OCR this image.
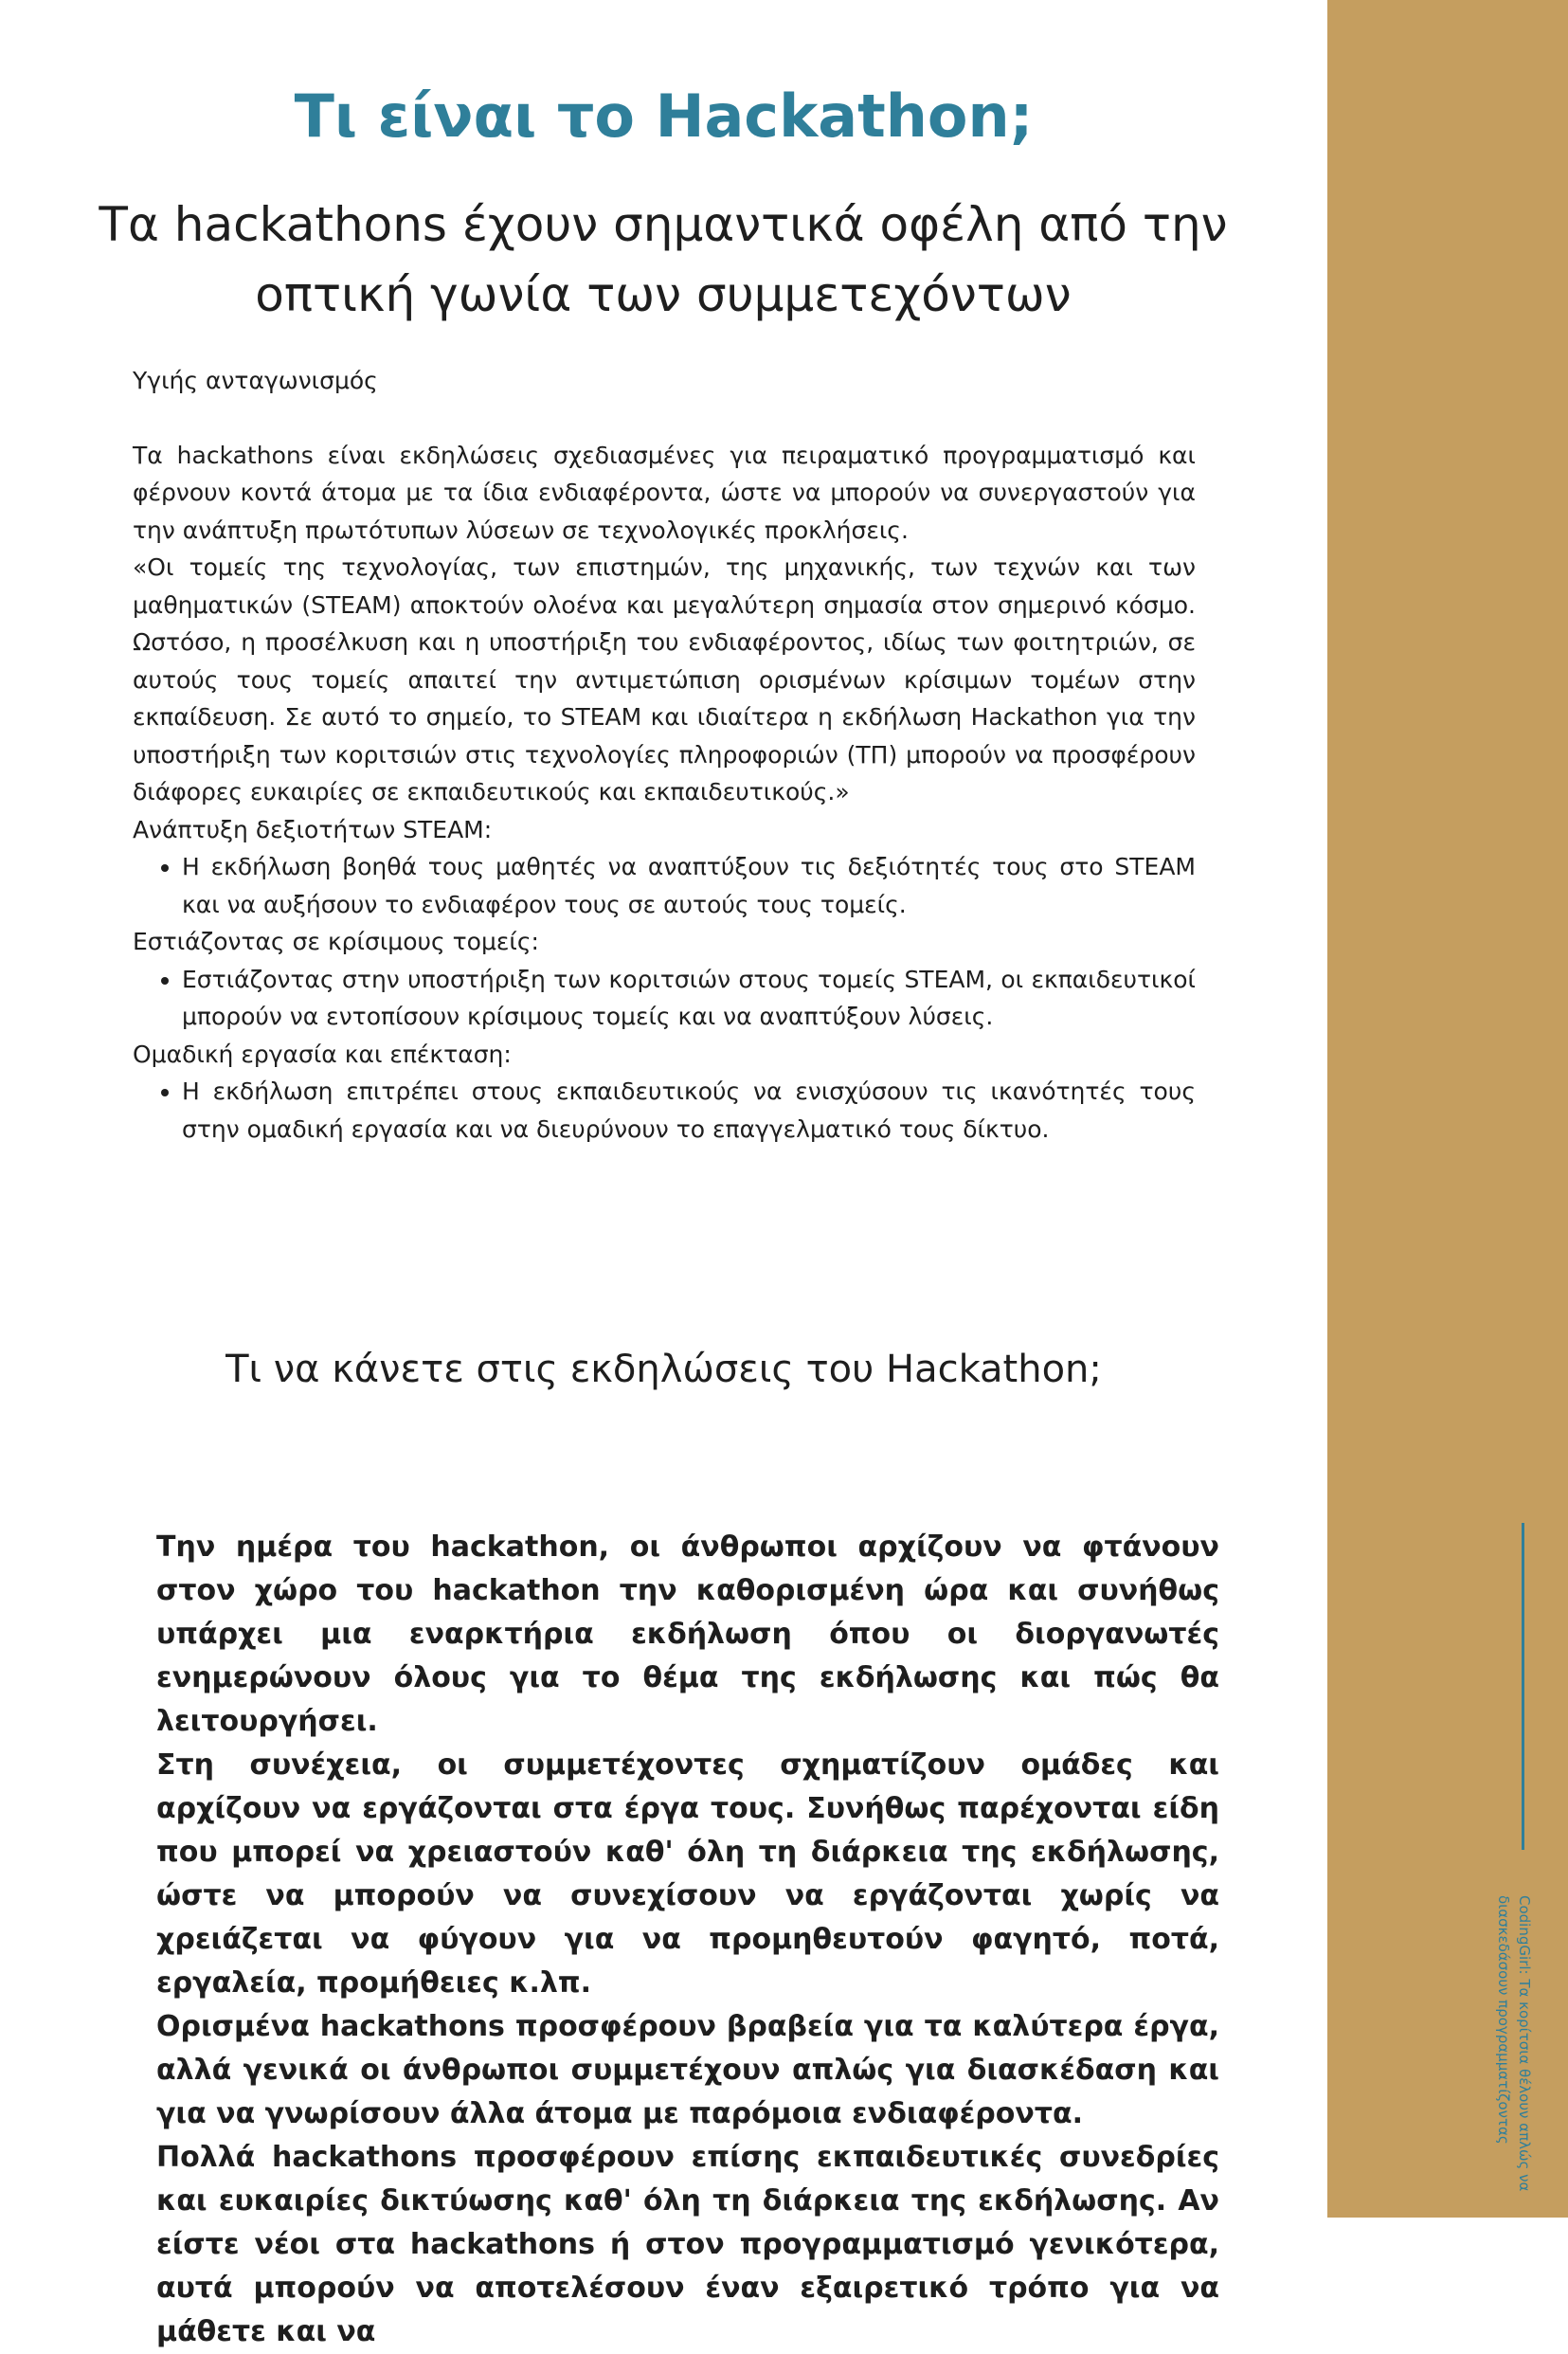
CodingGirl: Τα κορίτσια θέλουν απλώς να διασκεδάσουν προγραμματίζοντας
Τι είναι το Hackathon;
Τα hackathons έχουν σημαντικά οφέλη από την οπτική γωνία των συμμετεχόντων

Υγιής ανταγωνισμός

Τα hackathons είναι εκδηλώσεις σχεδιασμένες για πειραματικό προγραμματισμό και φέρνουν κοντά άτομα με τα ίδια ενδιαφέροντα, ώστε να μπορούν να συνεργαστούν για την ανάπτυξη πρωτότυπων λύσεων σε τεχνολογικές προκλήσεις.

«Οι τομείς της τεχνολογίας, των επιστημών, της μηχανικής, των τεχνών και των μαθηματικών (STEAM) αποκτούν ολοένα και μεγαλύτερη σημασία στον σημερινό κόσμο. Ωστόσο, η προσέλκυση και η υποστήριξη του ενδιαφέροντος, ιδίως των φοιτητριών, σε αυτούς τους τομείς απαιτεί την αντιμετώπιση ορισμένων κρίσιμων τομέων στην εκπαίδευση. Σε αυτό το σημείο, το STEAM και ιδιαίτερα η εκδήλωση Hackathon για την υποστήριξη των κοριτσιών στις τεχνολογίες πληροφοριών (ΤΠ) μπορούν να προσφέρουν διάφορες ευκαιρίες σε εκπαιδευτικούς και εκπαιδευτικούς.»

Ανάπτυξη δεξιοτήτων STEAM:

• Η εκδήλωση βοηθά τους μαθητές να αναπτύξουν τις δεξιότητές τους στο STEAM και να αυξήσουν το ενδιαφέρον τους σε αυτούς τους τομείς.

Εστιάζοντας σε κρίσιμους τομείς:

• Εστιάζοντας στην υποστήριξη των κοριτσιών στους τομείς STEAM, οι εκπαιδευτικοί μπορούν να εντοπίσουν κρίσιμους τομείς και να αναπτύξουν λύσεις.

Ομαδική εργασία και επέκταση:

• Η εκδήλωση επιτρέπει στους εκπαιδευτικούς να ενισχύσουν τις ικανότητές τους στην ομαδική εργασία και να διευρύνουν το επαγγελματικό τους δίκτυο.
Τι να κάνετε στις εκδηλώσεις του Hackathon;

Την ημέρα του hackathon, οι άνθρωποι αρχίζουν να φτάνουν στον χώρο του hackathon την καθορισμένη ώρα και συνήθως υπάρχει μια εναρκτήρια εκδήλωση όπου οι διοργανωτές ενημερώνουν όλους για το θέμα της εκδήλωσης και πώς θα λειτουργήσει.

Στη συνέχεια, οι συμμετέχοντες σχηματίζουν ομάδες και αρχίζουν να εργάζονται στα έργα τους. Συνήθως παρέχονται είδη που μπορεί να χρειαστούν καθ' όλη τη διάρκεια της εκδήλωσης, ώστε να μπορούν να συνεχίσουν να εργάζονται χωρίς να χρειάζεται να φύγουν για να προμηθευτούν φαγητό, ποτά, εργαλεία, προμήθειες κ.λπ.

Ορισμένα hackathons προσφέρουν βραβεία για τα καλύτερα έργα, αλλά γενικά οι άνθρωποι συμμετέχουν απλώς για διασκέδαση και για να γνωρίσουν άλλα άτομα με παρόμοια ενδιαφέροντα.

Πολλά hackathons προσφέρουν επίσης εκπαιδευτικές συνεδρίες και ευκαιρίες δικτύωσης καθ' όλη τη διάρκεια της εκδήλωσης. Αν είστε νέοι στα hackathons ή στον προγραμματισμό γενικότερα, αυτά μπορούν να αποτελέσουν έναν εξαιρετικό τρόπο για να μάθετε και να
